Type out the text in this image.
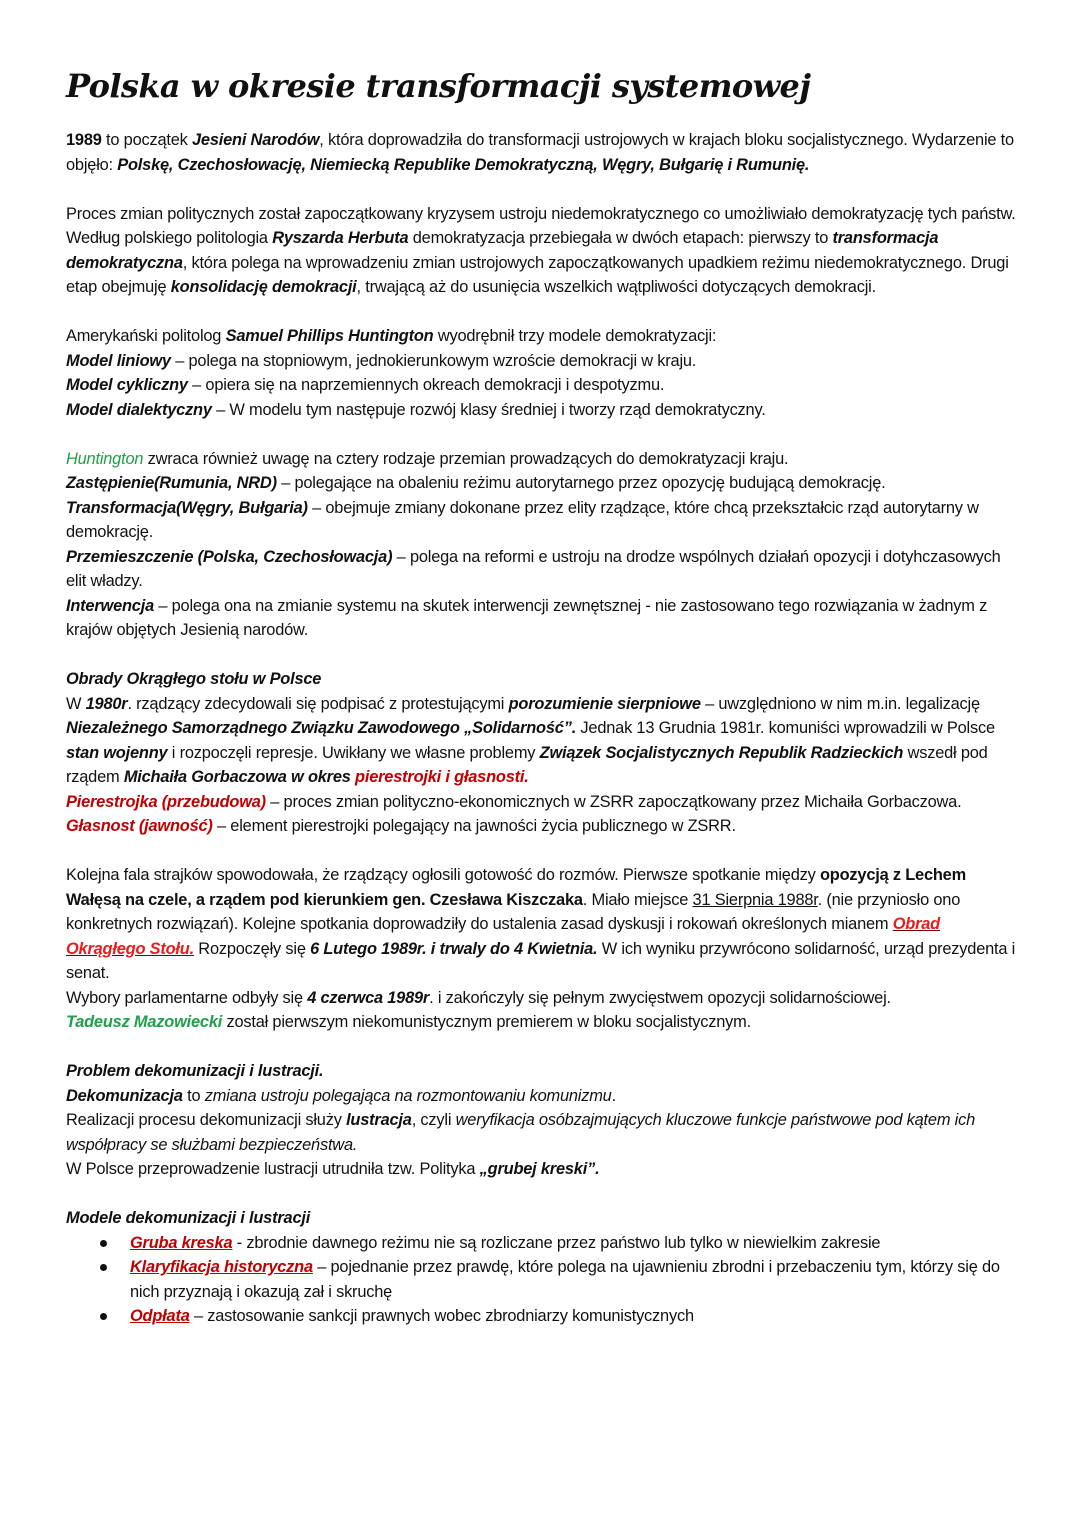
Polska w okresie transformacji systemowej

1989 to początek Jesieni Narodów, która doprowadziła do transformacji ustrojowych w krajach bloku socjalistycznego. Wydarzenie to objęło: Polskę, Czechosłowację, Niemiecką Republike Demokratyczną, Węgry, Bułgarię i Rumunię.

Proces zmian politycznych został zapoczątkowany kryzysem ustroju niedemokratycznego co umożliwiało demokratyzację tych państw. Według polskiego politologia Ryszarda Herbuta demokratyzacja przebiegała w dwóch etapach: pierwszy to transformacja demokratyczna, która polega na wprowadzeniu zmian ustrojowych zapoczątkowanych upadkiem reżimu niedemokratycznego. Drugi etap obejmuję konsolidację demokracji, trwającą aż do usunięcia wszelkich wątpliwości dotyczących demokracji.

Amerykański politolog Samuel Phillips Huntington wyodrębnił trzy modele demokratyzacji:

Model liniowy – polega na stopniowym, jednokierunkowym wzroście demokracji w kraju.

Model cykliczny – opiera się na naprzemiennych okreach demokracji i despotyzmu.

Model dialektyczny – W modelu tym następuje rozwój klasy średniej i tworzy rząd demokratyczny.

Huntington zwraca również uwagę na cztery rodzaje przemian prowadzących do demokratyzacji kraju.

Zastępienie(Rumunia, NRD) – polegające na obaleniu reżimu autorytarnego przez opozycję budującą demokrację.

Transformacja(Węgry, Bułgaria) – obejmuje zmiany dokonane przez elity rządzące, które chcą przekształcic rząd autorytarny w demokrację.

Przemieszczenie (Polska, Czechosłowacja) – polega na reformi e ustroju na drodze wspólnych działań opozycji i dotyhczasowych elit władzy.

Interwencja – polega ona na zmianie systemu na skutek interwencji zewnętsznej - nie zastosowano tego rozwiązania w żadnym z krajów objętych Jesienią narodów.

Obrady Okrągłego stołu w Polsce

W 1980r. rządzący zdecydowali się podpisać z protestującymi porozumienie sierpniowe – uwzględniono w nim m.in. legalizację Niezależnego Samorządnego Związku Zawodowego „Solidarność”. Jednak 13 Grudnia 1981r. komuniści wprowadzili w Polsce stan wojenny i rozpoczęli represje. Uwikłany we własne problemy Związek Socjalistycznych Republik Radzieckich wszedł pod rządem Michaiła Gorbaczowa w okres pierestrojki i głasnosti.

Pierestrojka (przebudowa) – proces zmian polityczno-ekonomicznych w ZSRR zapoczątkowany przez Michaiła Gorbaczowa.

Głasnost (jawność) – element pierestrojki polegający na jawności życia publicznego w ZSRR.

Kolejna fala strajków spowodowała, że rządzący ogłosili gotowość do rozmów. Pierwsze spotkanie między opozycją z Lechem Wałęsą na czele, a rządem pod kierunkiem gen. Czesława Kiszczaka. Miało miejsce 31 Sierpnia 1988r. (nie przyniosło ono konkretnych rozwiązań). Kolejne spotkania doprowadziły do ustalenia zasad dyskusji i rokowań określonych mianem Obrad Okrągłego Stołu. Rozpoczęły się 6 Lutego 1989r. i trwaly do 4 Kwietnia. W ich wyniku przywrócono solidarność, urząd prezydenta i senat.

Wybory parlamentarne odbyły się 4 czerwca 1989r. i zakończyly się pełnym zwycięstwem opozycji solidarnościowej.

Tadeusz Mazowiecki został pierwszym niekomunistycznym premierem w bloku socjalistycznym.

Problem dekomunizacji i lustracji.

Dekomunizacja to zmiana ustroju polegająca na rozmontowaniu komunizmu.

Realizacji procesu dekomunizacji służy lustracja, czyli weryfikacja osóbzajmujących kluczowe funkcje państwowe pod kątem ich współpracy se służbami bezpieczeństwa.

W Polsce przeprowadzenie lustracji utrudniła tzw. Polityka „grubej kreski”.

Modele dekomunizacji i lustracji

Gruba kreska - zbrodnie dawnego reżimu nie są rozliczane przez państwo lub tylko w niewielkim zakresie
Klaryfikacja historyczna – pojednanie przez prawdę, które polega na ujawnieniu zbrodni i przebaczeniu tym, którzy się do nich przyznają i okazują zał i skruchę
Odpłata – zastosowanie sankcji prawnych wobec zbrodniarzy komunistycznych
